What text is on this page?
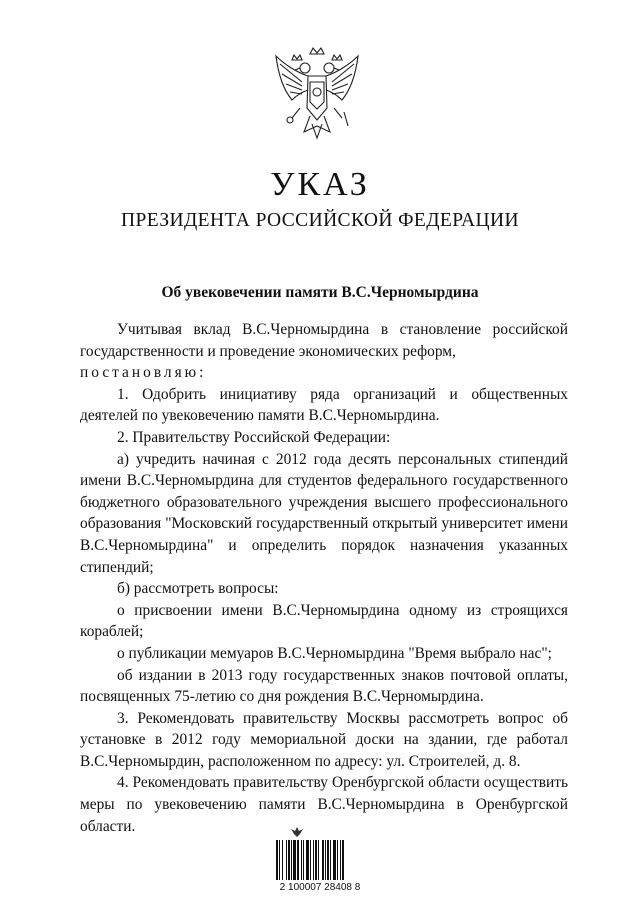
УКАЗ
ПРЕЗИДЕНТА РОССИЙСКОЙ ФЕДЕРАЦИИ
Об увековечении памяти В.С.Черномырдина

Учитывая вклад В.С.Черномырдина в становление российской государственности и проведение экономических реформ,

постановляю:

1. Одобрить инициативу ряда организаций и общественных деятелей по увековечению памяти В.С.Черномырдина.

2. Правительству Российской Федерации:

а) учредить начиная с 2012 года десять персональных стипендий имени В.С.Черномырдина для студентов федерального государственного бюджетного образовательного учреждения высшего профессионального образования "Московский государственный открытый университет имени В.С.Черномырдина" и определить порядок назначения указанных стипендий;

б) рассмотреть вопросы:

о присвоении имени В.С.Черномырдина одному из строящихся кораблей;

о публикации мемуаров В.С.Черномырдина "Время выбрало нас";

об издании в 2013 году государственных знаков почтовой оплаты, посвященных 75-летию со дня рождения В.С.Черномырдина.

3. Рекомендовать правительству Москвы рассмотреть вопрос об установке в 2012 году мемориальной доски на здании, где работал В.С.Черномырдин, расположенном по адресу: ул. Строителей, д. 8.

4. Рекомендовать правительству Оренбургской области осуществить меры по увековечению памяти В.С.Черномырдина в Оренбургской области.

2 100007 28408 8
